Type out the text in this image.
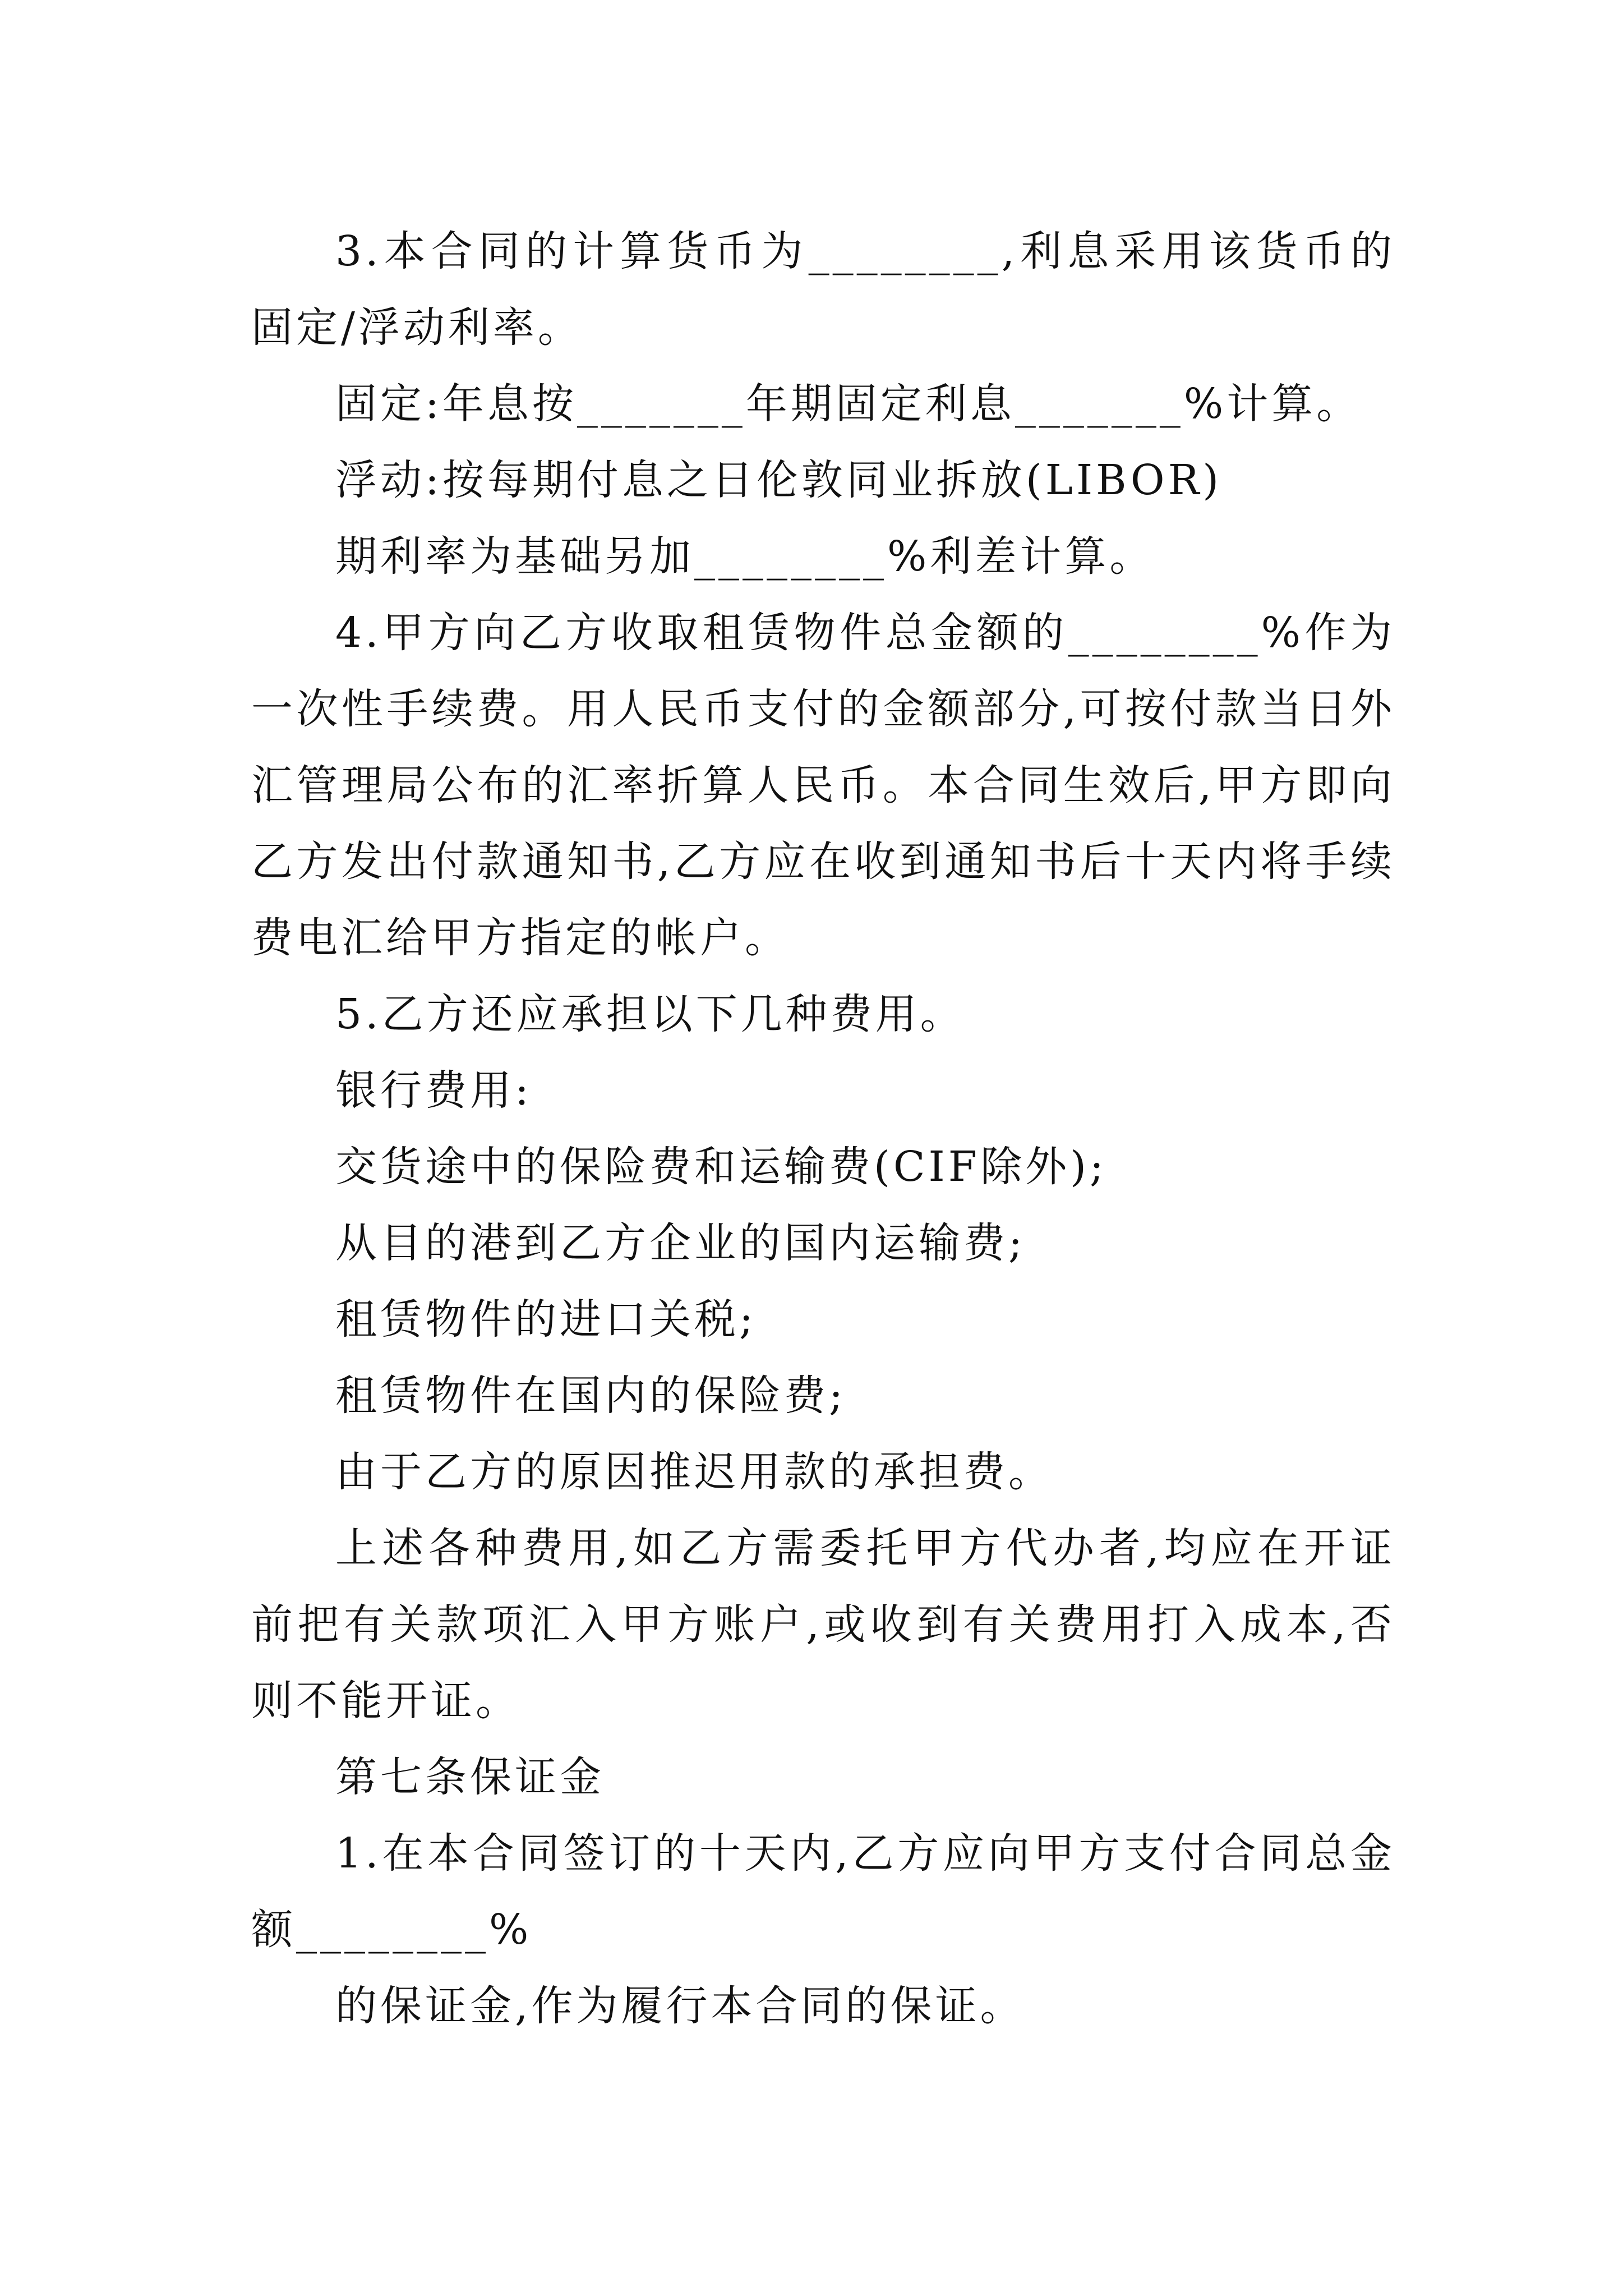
3.本合同的计算货币为________,利息采用该货币的固定/浮动利率。

固定:年息按_______年期固定利息_______%计算。

浮动:按每期付息之日伦敦同业拆放(LIBOR)

期利率为基础另加________%利差计算。

4.甲方向乙方收取租赁物件总金额的________%作为一次性手续费。用人民币支付的金额部分,可按付款当日外汇管理局公布的汇率折算人民币。本合同生效后,甲方即向乙方发出付款通知书,乙方应在收到通知书后十天内将手续费电汇给甲方指定的帐户。

5.乙方还应承担以下几种费用。

银行费用:

交货途中的保险费和运输费(CIF除外);

从目的港到乙方企业的国内运输费;

租赁物件的进口关税;

租赁物件在国内的保险费;

由于乙方的原因推迟用款的承担费。

上述各种费用,如乙方需委托甲方代办者,均应在开证前把有关款项汇入甲方账户,或收到有关费用打入成本,否则不能开证。

第七条保证金

1.在本合同签订的十天内,乙方应向甲方支付合同总金额________%

的保证金,作为履行本合同的保证。
